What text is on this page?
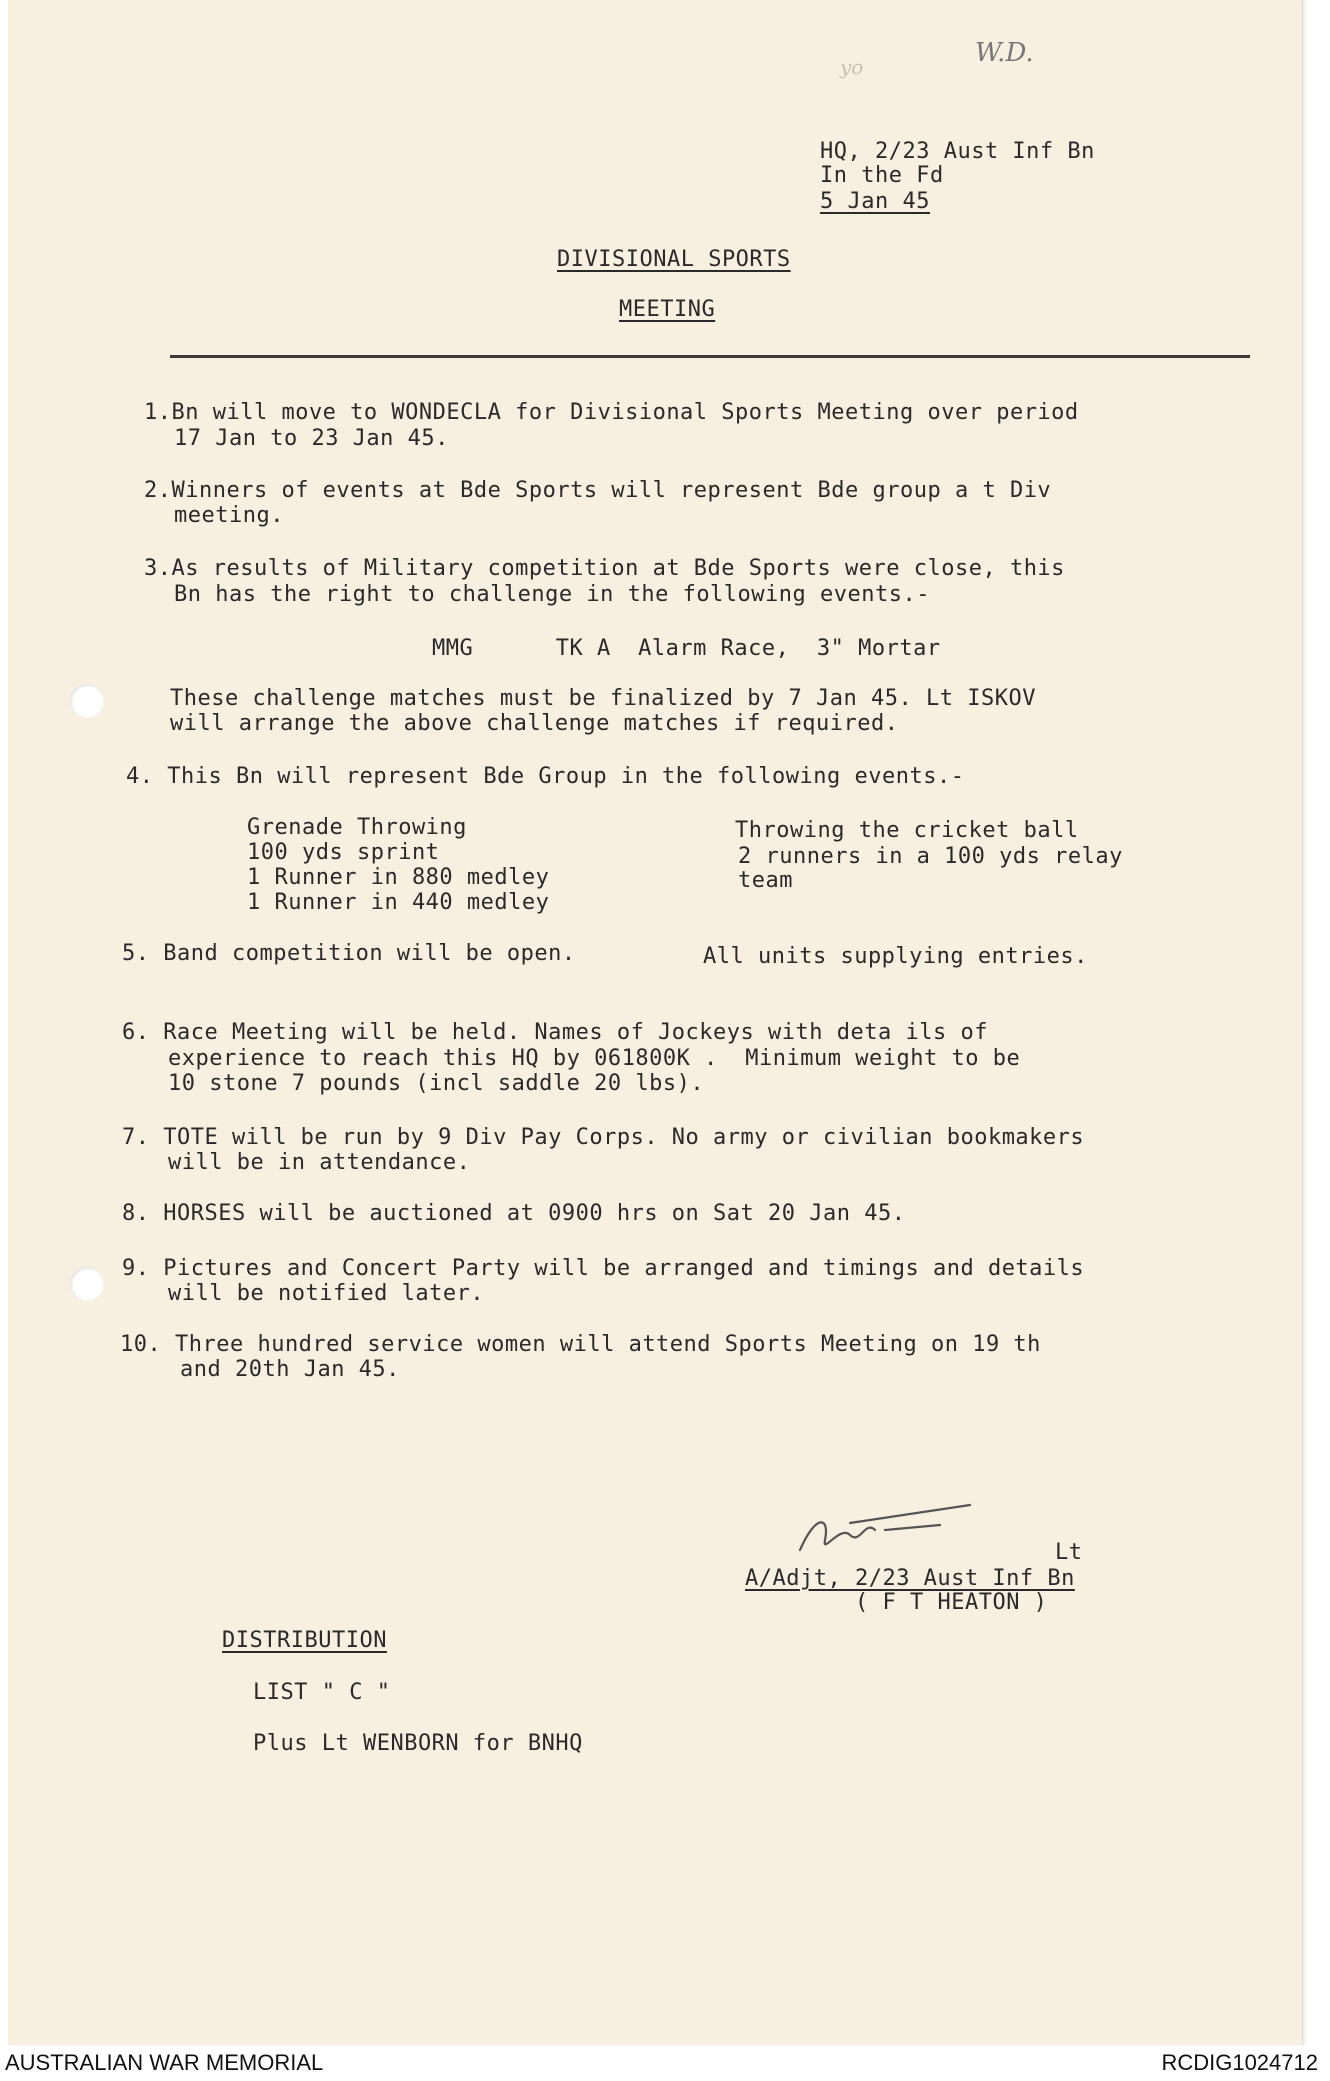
W.D.
yo
HQ, 2/23 Aust Inf Bn
In the Fd
5 Jan 45
DIVISIONAL SPORTS
MEETING
1.Bn will move to WONDECLA for Divisional Sports Meeting over period
17 Jan to 23 Jan 45.
2.Winners of events at Bde Sports will represent Bde group a t Div
meeting.
3.As results of Military competition at Bde Sports were close, this
Bn has the right to challenge in the following events.-
MMG      TK A  Alarm Race,  3" Mortar
These challenge matches must be finalized by 7 Jan 45. Lt ISKOV
will arrange the above challenge matches if required.
4. This Bn will represent Bde Group in the following events.-
Grenade Throwing
100 yds sprint
1 Runner in 880 medley
1 Runner in 440 medley
Throwing the cricket ball
2 runners in a 100 yds relay
team
5. Band competition will be open.	All units supplying entries.
6. Race Meeting will be held. Names of Jockeys with deta ils of
experience to reach this HQ by 061800K .  Minimum weight to be
10 stone 7 pounds (incl saddle 20 lbs).
7. TOTE will be run by 9 Div Pay Corps. No army or civilian bookmakers
will be in attendance.
8. HORSES will be auctioned at 0900 hrs on Sat 20 Jan 45.
9. Pictures and Concert Party will be arranged and timings and details
will be notified later.
10. Three hundred service women will attend Sports Meeting on 19 th
and 20th Jan 45.
Lt
A/Adjt, 2/23 Aust Inf Bn
( F T HEATON )
DISTRIBUTION
LIST " C "
Plus Lt WENBORN for BNHQ
AUSTRALIAN WAR MEMORIAL	RCDIG1024712
